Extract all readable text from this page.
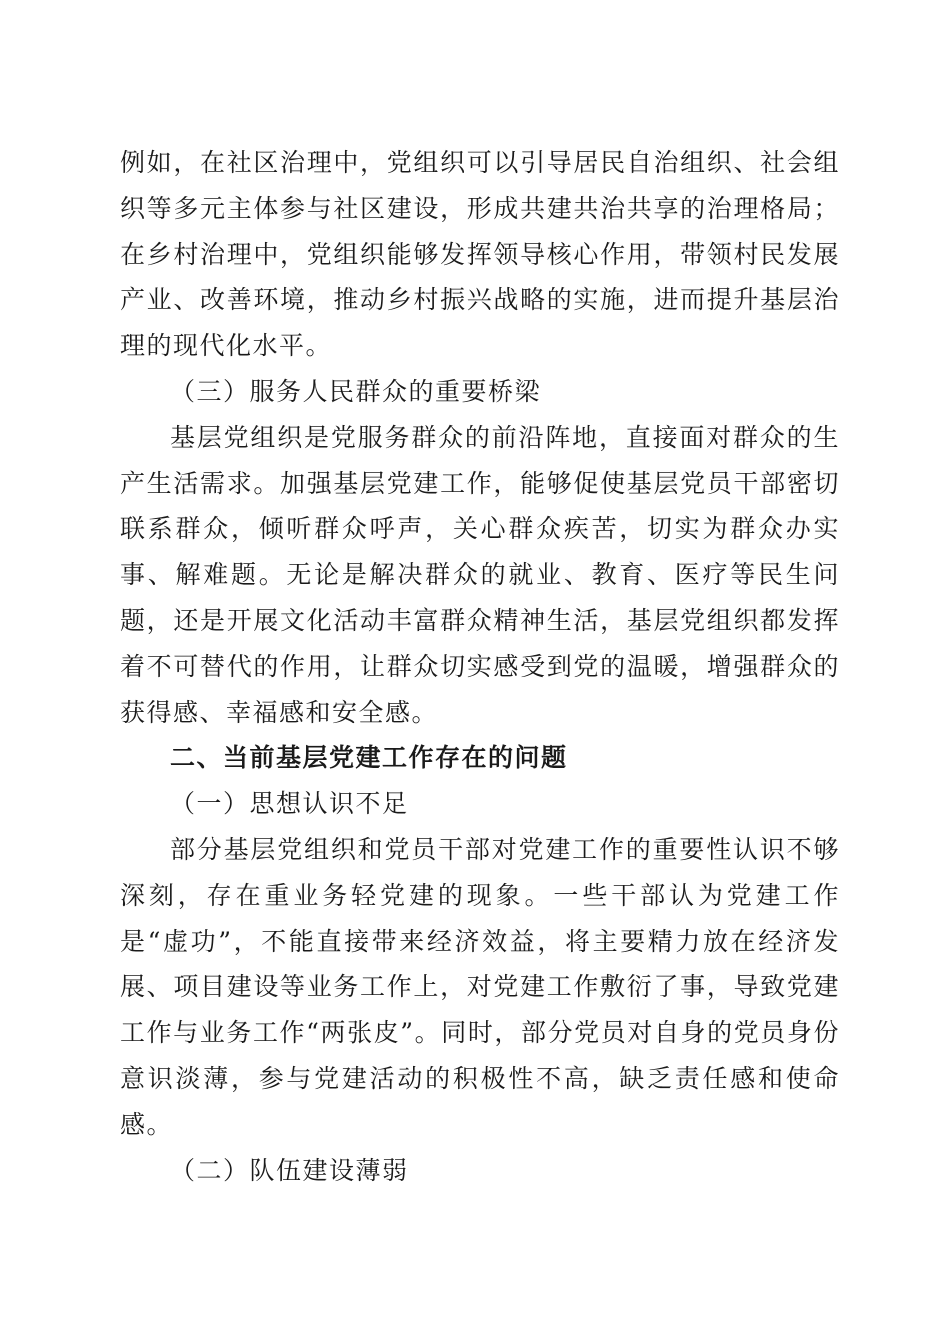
例如，在社区治理中，党组织可以引导居民自治组织、社会组织等多元主体参与社区建设，形成共建共治共享的治理格局；在乡村治理中，党组织能够发挥领导核心作用，带领村民发展产业、改善环境，推动乡村振兴战略的实施，进而提升基层治理的现代化水平。

（三）服务人民群众的重要桥梁

基层党组织是党服务群众的前沿阵地，直接面对群众的生产生活需求。加强基层党建工作，能够促使基层党员干部密切联系群众，倾听群众呼声，关心群众疾苦，切实为群众办实事、解难题。无论是解决群众的就业、教育、医疗等民生问题，还是开展文化活动丰富群众精神生活，基层党组织都发挥着不可替代的作用，让群众切实感受到党的温暖，增强群众的获得感、幸福感和安全感。

二、当前基层党建工作存在的问题

（一）思想认识不足

部分基层党组织和党员干部对党建工作的重要性认识不够深刻，存在重业务轻党建的现象。一些干部认为党建工作是“虚功”，不能直接带来经济效益，将主要精力放在经济发展、项目建设等业务工作上，对党建工作敷衍了事，导致党建工作与业务工作“两张皮”。同时，部分党员对自身的党员身份意识淡薄，参与党建活动的积极性不高，缺乏责任感和使命感。

（二）队伍建设薄弱
